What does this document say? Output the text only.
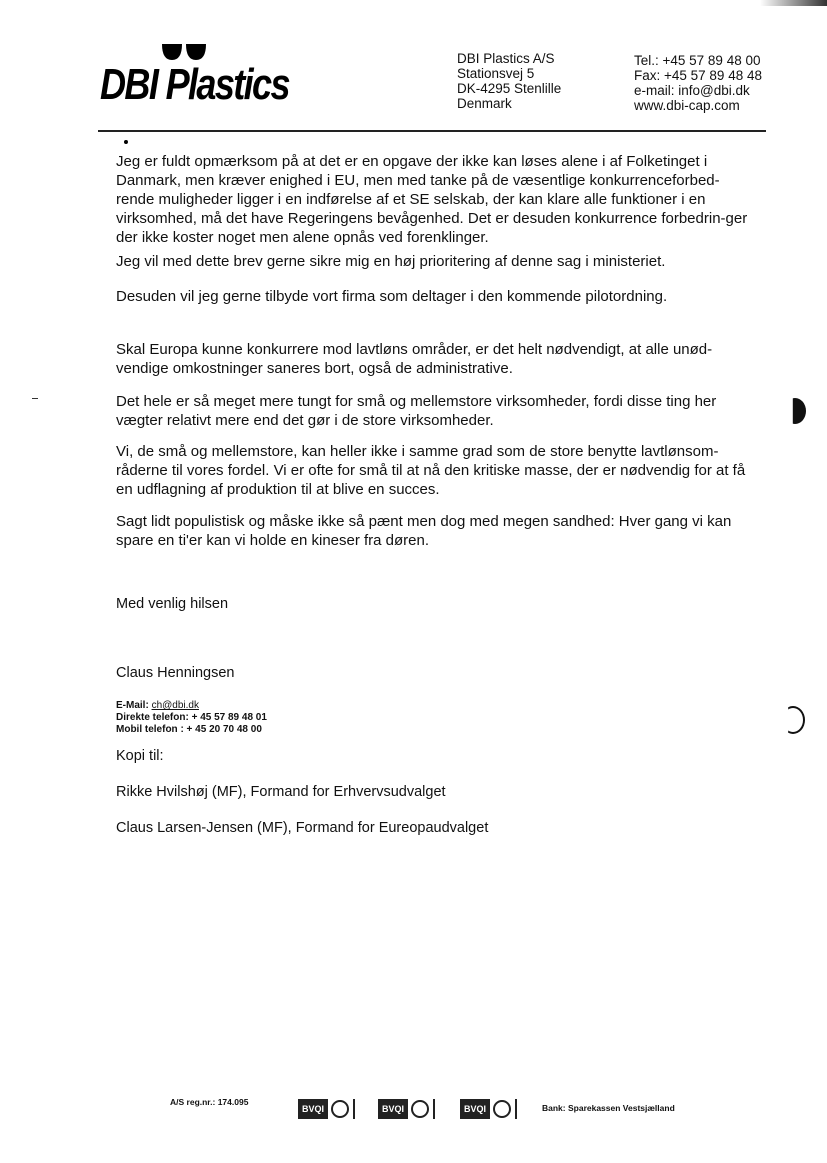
DBI Plastics
DBI Plastics A/S
Stationsvej 5
DK-4295 Stenlille
Denmark
Tel.: +45 57 89 48 00
Fax: +45 57 89 48 48
e-mail: info@dbi.dk
www.dbi-cap.com

Jeg er fuldt opmærksom på at det er en opgave der ikke kan løses alene i af Folketinget i Danmark, men kræver enighed i EU, men med tanke på de væsentlige konkurrenceforbed-rende muligheder ligger i en indførelse af et SE selskab, der kan klare alle funktioner i en virksomhed, må det have Regeringens bevågenhed. Det er desuden konkurrence forbedrin-ger der ikke koster noget men alene opnås ved forenklinger.

Jeg vil med dette brev gerne sikre mig en høj prioritering af denne sag i ministeriet.

Desuden vil jeg gerne tilbyde vort firma som deltager i den kommende pilotordning.

Skal Europa kunne konkurrere mod lavtløns områder, er det helt nødvendigt, at alle unød-vendige omkostninger saneres bort, også de administrative.

Det hele er så meget mere tungt for små og mellemstore virksomheder, fordi disse ting her vægter relativt mere end det gør i de store virksomheder.

Vi, de små og mellemstore, kan heller ikke i samme grad som de store benytte lavtlønsom-råderne til vores fordel. Vi er ofte for små til at nå den kritiske masse, der er nødvendig for at få en udflagning af produktion til at blive en succes.

Sagt lidt populistisk og måske ikke så pænt men dog med megen sandhed: Hver gang vi kan spare en ti'er kan vi holde en kineser fra døren.

Med venlig hilsen
Claus Henningsen
E-Mail: ch@dbi.dk
Direkte telefon: + 45 57 89 48 01
Mobil telefon : + 45 20 70 48 00
Kopi til:
Rikke Hvilshøj (MF), Formand for Erhvervsudvalget
Claus Larsen-Jensen (MF), Formand for Eureopaudvalget
A/S reg.nr.: 174.095
BVQI	BVQI	BVQI	Bank: Sparekassen Vestsjælland
